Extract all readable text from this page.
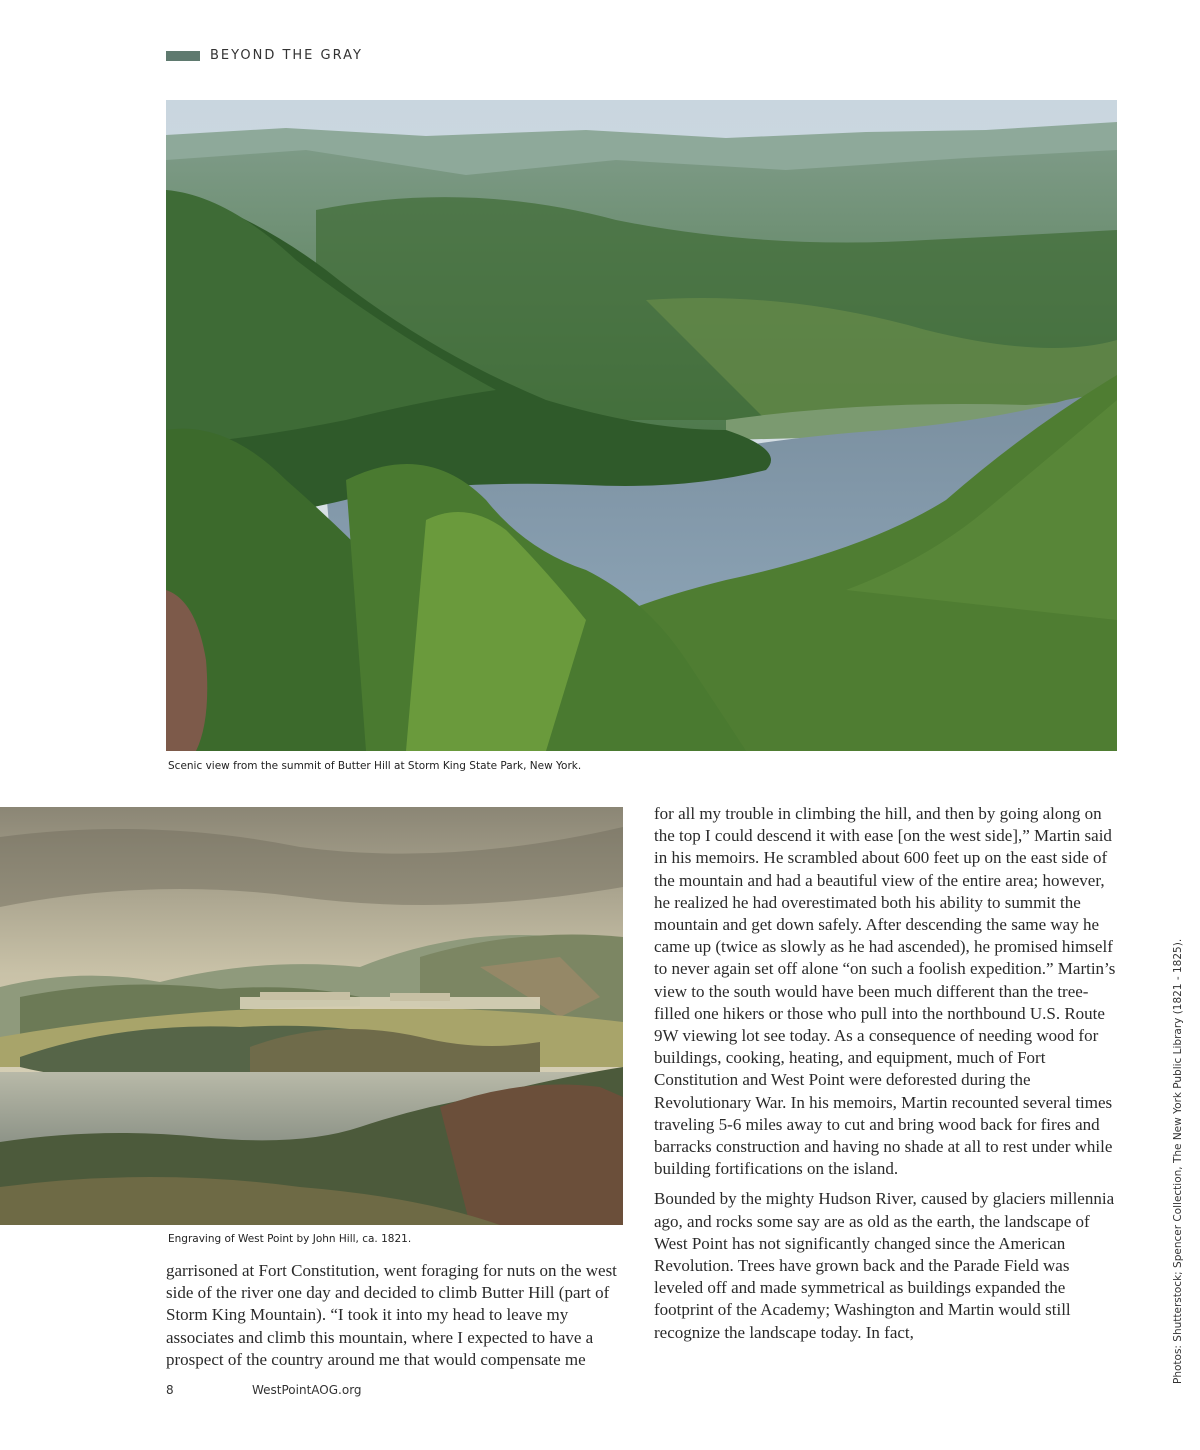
BEYOND THE GRAY
Scenic view from the summit of Butter Hill at Storm King State Park, New York.
Engraving of West Point by John Hill, ca. 1821.

garrisoned at Fort Constitution, went foraging for nuts on the west side of the river one day and decided to climb Butter Hill (part of Storm King Mountain). “I took it into my head to leave my associates and climb this mountain, where I expected to have a prospect of the country around me that would compensate me

for all my trouble in climbing the hill, and then by going along on the top I could descend it with ease [on the west side],” Martin said in his memoirs. He scrambled about 600 feet up on the east side of the mountain and had a beautiful view of the entire area; however, he realized he had overestimated both his ability to summit the mountain and get down safely. After descending the same way he came up (twice as slowly as he had ascended), he promised himself to never again set off alone “on such a foolish expedition.” Martin’s view to the south would have been much different than the tree-filled one hikers or those who pull into the northbound U.S. Route 9W viewing lot see today. As a consequence of needing wood for buildings, cooking, heating, and equipment, much of Fort Constitution and West Point were deforested during the Revolutionary War. In his memoirs, Martin recounted several times traveling 5-6 miles away to cut and bring wood back for fires and barracks construction and having no shade at all to rest under while building fortifications on the island.

Bounded by the mighty Hudson River, caused by glaciers millennia ago, and rocks some say are as old as the earth, the landscape of West Point has not significantly changed since the American Revolution. Trees have grown back and the Parade Field was leveled off and made symmetrical as buildings expanded the footprint of the Academy; Washington and Martin would still recognize the landscape today. In fact,	Photos: Shutterstock; Spencer Collection, The New York Public Library (1821 - 1825).
8	WestPointAOG.org
